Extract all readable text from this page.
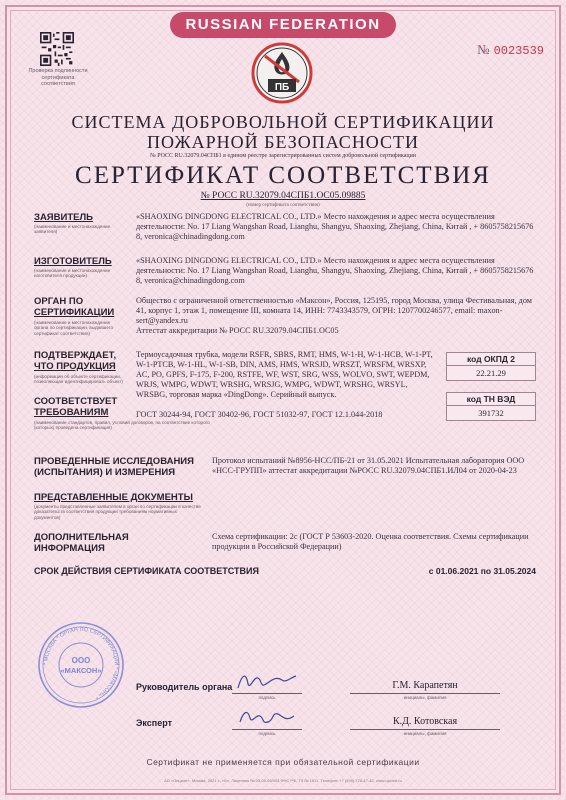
RUSSIAN FEDERATION
№ 0023539
Проверка подлинности сертификата соответствия	ПБ
СИСТЕМА ДОБРОВОЛЬНОЙ СЕРТИФИКАЦИИ
ПОЖАРНОЙ БЕЗОПАСНОСТИ
№ РОСС RU.32079.04СПБ1 в едином реестре зарегистрированных систем добровольной сертификации
СЕРТИФИКАТ СООТВЕТСТВИЯ
№ РОСС RU.32079.04СПБ1.ОС05.09885
(номер сертификата соответствия)
ЗАЯВИТЕЛЬ
(наименование и местонахождение заявителя)
«SHAOXING DINGDONG ELECTRICAL CO., LTD.» Место нахождения и адрес места осуществления деятельности: No. 17 Liang Wangshan Road, Lianghu, Shangyu, Shaoxing, Zhejiang, China, Китай , + 8605758215676​8, veronica@chinadingdong.com
ИЗГОТОВИТЕЛЬ
(наименование и местонахождение изготовителя продукции)
«SHAOXING DINGDONG ELECTRICAL CO., LTD.» Место нахождения и адрес места осуществления деятельности: No. 17 Liang Wangshan Road, Lianghu, Shangyu, Shaoxing, Zhejiang, China, Китай , + 8605758215676​8, veronica@chinadingdong.com
ОРГАН ПО
СЕРТИФИКАЦИИ
(наименование и местонахождение органа по сертификации, выдавшего сертификат соответствия)
Общество с ограниченной ответственностью «Максон», Россия, 125195, город Москва, улица Фестивальная, дом 41, корпус 1, этаж 1, помещение III, комната 14, ИНН: 7743343579, ОГРН: 1207700246577, email: maxon-sert@yandex.ru
Аттестат аккредитации № РОСС RU.32079.04СПБ1.ОС05
ПОДТВЕРЖДАЕТ,
ЧТО ПРОДУКЦИЯ
(информация об объекте сертификации, позволяющая идентифицировать объект)
Термоусадочная трубка, модели RSFR, SBRS, RMT, HMS, W-1-H, W-1-HCB, W-1-PT, W-1-PTCB, W-1-HL, W-1-SB, DIN, AMS, HMS, WRSJD, WRSZT, WRSFM, WRSXP, AC, PO, GPFS, F-175, F-200, RSTFE, WF, WST, SRG, WSS, WOLVO, SWT, WEPDM, WRJS, WMPG, WDWT, WRSHG, WRSJG, WMPG, WDWT, WRSHG, WRSYL, WRSBG, торговая марка «DingDong». Серийный выпуск.
СООТВЕТСТВУЕТ
ТРЕБОВАНИЯМ
(наименование стандартов, правил, условий договоров, на соответствие которого (которых) проведена сертификация)
ГОСТ 30244-94, ГОСТ 30402-96, ГОСТ 51032-97, ГОСТ 12.1.044-2018
код ОКПД 2
22.21.29
код ТН ВЭД
391732
ПРОВЕДЕННЫЕ ИССЛЕДОВАНИЯ
(ИСПЫТАНИЯ) И ИЗМЕРЕНИЯ
Протокол испытаний №8956-НСС/ПБ-21 от 31.05.2021 Испытательная лаборатория ООО «НСС-ГРУПП» аттестат аккредитации №РОСС RU.32079.04СПБ1.ИЛ04 от 2020-04-23
ПРЕДСТАВЛЕННЫЕ ДОКУМЕНТЫ
(документы представленные заявителем в орган по сертификации в качестве доказательств соответствия продукции требованиям нормативных документов)
ДОПОЛНИТЕЛЬНАЯ
ИНФОРМАЦИЯ
Схема сертификации: 2с (ГОСТ Р 53603-2020. Оценка соответствия. Схемы сертификации продукции в Российской Федерации)
СРОК ДЕЙСТВИЯ СЕРТИФИКАТА СООТВЕТСТВИЯ	с 01.06.2021 по 31.05.2024
* МОСКВА * ОРГАН ПО СЕРТИФИКАЦИИ * «МАКСОН» *
ООО
«МАКСОН»
Руководитель органа
подпись
Г.М. Карапетян
инициалы, фамилия
Эксперт
подпись
К.Д. Котовская
инициалы, фамилия
Сертификат не применяется при обязательной сертификации
АО «Опцион», Москва, 2021 г., «Б», Лицензия № 05-05-09/003 ФНС РФ, ТЗ № 1511. Телефон: +7 (495) 726-47-42, www.opcion.ru
